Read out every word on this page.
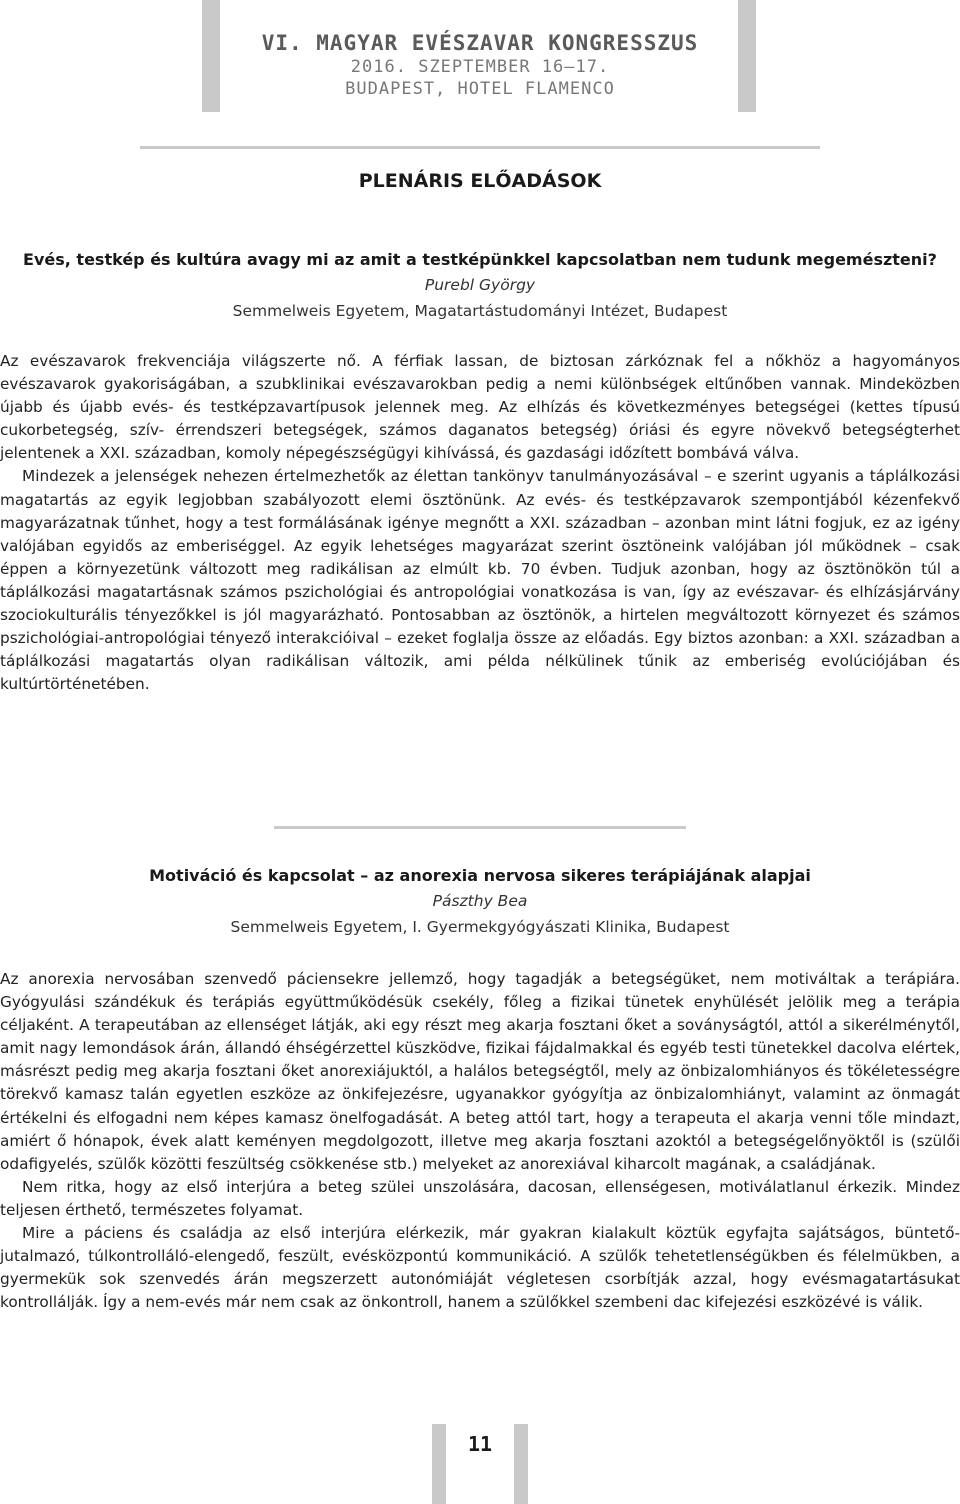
VI. MAGYAR EVÉSZAVAR KONGRESSZUS
2016. SZEPTEMBER 16–17.
BUDAPEST, HOTEL FLAMENCO
PLENÁRIS ELŐADÁSOK
Evés, testkép és kultúra avagy mi az amit a testképünkkel kapcsolatban nem tudunk megemészteni?
Purebl György
Semmelweis Egyetem, Magatartástudományi Intézet, Budapest

Az evészavarok frekvenciája világszerte nő. A férfiak lassan, de biztosan zárkóznak fel a nőkhöz a hagyományos evészavarok gyakoriságában, a szubklinikai evészavarokban pedig a nemi különbségek eltűnőben vannak. Mindeközben újabb és újabb evés- és testképzavartípusok jelennek meg. Az elhízás és következményes betegségei (kettes típusú cukorbetegség, szív- érrendszeri betegségek, számos daganatos betegség) óriási és egyre növekvő betegségterhet jelentenek a XXI. században, komoly népegészségügyi kihívássá, és gazdasági időzített bombává válva.

Mindezek a jelenségek nehezen értelmezhetők az élettan tankönyv tanulmányozásával – e szerint ugyanis a táplálkozási magatartás az egyik legjobban szabályozott elemi ösztönünk. Az evés- és testképzavarok szempontjából kézenfekvő magyarázatnak tűnhet, hogy a test formálásának igénye megnőtt a XXI. században – azonban mint látni fogjuk, ez az igény valójában egyidős az emberiséggel. Az egyik lehetséges magyarázat szerint ösztöneink valójában jól működnek – csak éppen a környezetünk változott meg radikálisan az elmúlt kb. 70 évben. Tudjuk azonban, hogy az ösztönökön túl a táplálkozási magatartásnak számos pszichológiai és antropológiai vonatkozása is van, így az evészavar- és elhízásjárvány szociokulturális tényezőkkel is jól magyarázható. Pontosabban az ösztönök, a hirtelen megváltozott környezet és számos pszichológiai-antropológiai tényező interakcióival – ezeket foglalja össze az előadás. Egy biztos azonban: a XXI. században a táplálkozási magatartás olyan radikálisan változik, ami példa nélkülinek tűnik az emberiség evolúciójában és kultúrtörténetében.

Motiváció és kapcsolat – az anorexia nervosa sikeres terápiájának alapjai
Pászthy Bea
Semmelweis Egyetem, I. Gyermekgyógyászati Klinika, Budapest

Az anorexia nervosában szenvedő páciensekre jellemző, hogy tagadják a betegségüket, nem motiváltak a terápiára. Gyógyulási szándékuk és terápiás együttműködésük csekély, főleg a fizikai tünetek enyhülését jelölik meg a terápia céljaként. A terapeutában az ellenséget látják, aki egy részt meg akarja fosztani őket a soványságtól, attól a sikerélménytől, amit nagy lemondások árán, állandó éhségérzettel küszködve, fizikai fájdalmakkal és egyéb testi tünetekkel dacolva elértek, másrészt pedig meg akarja fosztani őket anorexiájuktól, a halálos betegségtől, mely az önbizalomhiányos és tökéletességre törekvő kamasz talán egyetlen eszköze az önkifejezésre, ugyanakkor gyógyítja az önbizalomhiányt, valamint az önmagát értékelni és elfogadni nem képes kamasz önelfogadását. A beteg attól tart, hogy a terapeuta el akarja venni tőle mindazt, amiért ő hónapok, évek alatt keményen megdolgozott, illetve meg akarja fosztani azoktól a betegségelőnyöktől is (szülői odafigyelés, szülők közötti feszültség csökkenése stb.) melyeket az anorexiával kiharcolt magának, a családjának.

Nem ritka, hogy az első interjúra a beteg szülei unszolására, dacosan, ellenségesen, motiválatlanul érkezik. Mindez teljesen érthető, természetes folyamat.

Mire a páciens és családja az első interjúra elérkezik, már gyakran kialakult köztük egyfajta sajátságos, büntető-jutalmazó, túlkontrolláló-elengedő, feszült, evésközpontú kommunikáció. A szülők tehetetlenségükben és félelmükben, a gyermekük sok szenvedés árán megszerzett autonómiáját végletesen csorbítják azzal, hogy evésmagatartásukat kontrollálják. Így a nem-evés már nem csak az önkontroll, hanem a szülőkkel szembeni dac kifejezési eszközévé is válik.

11
